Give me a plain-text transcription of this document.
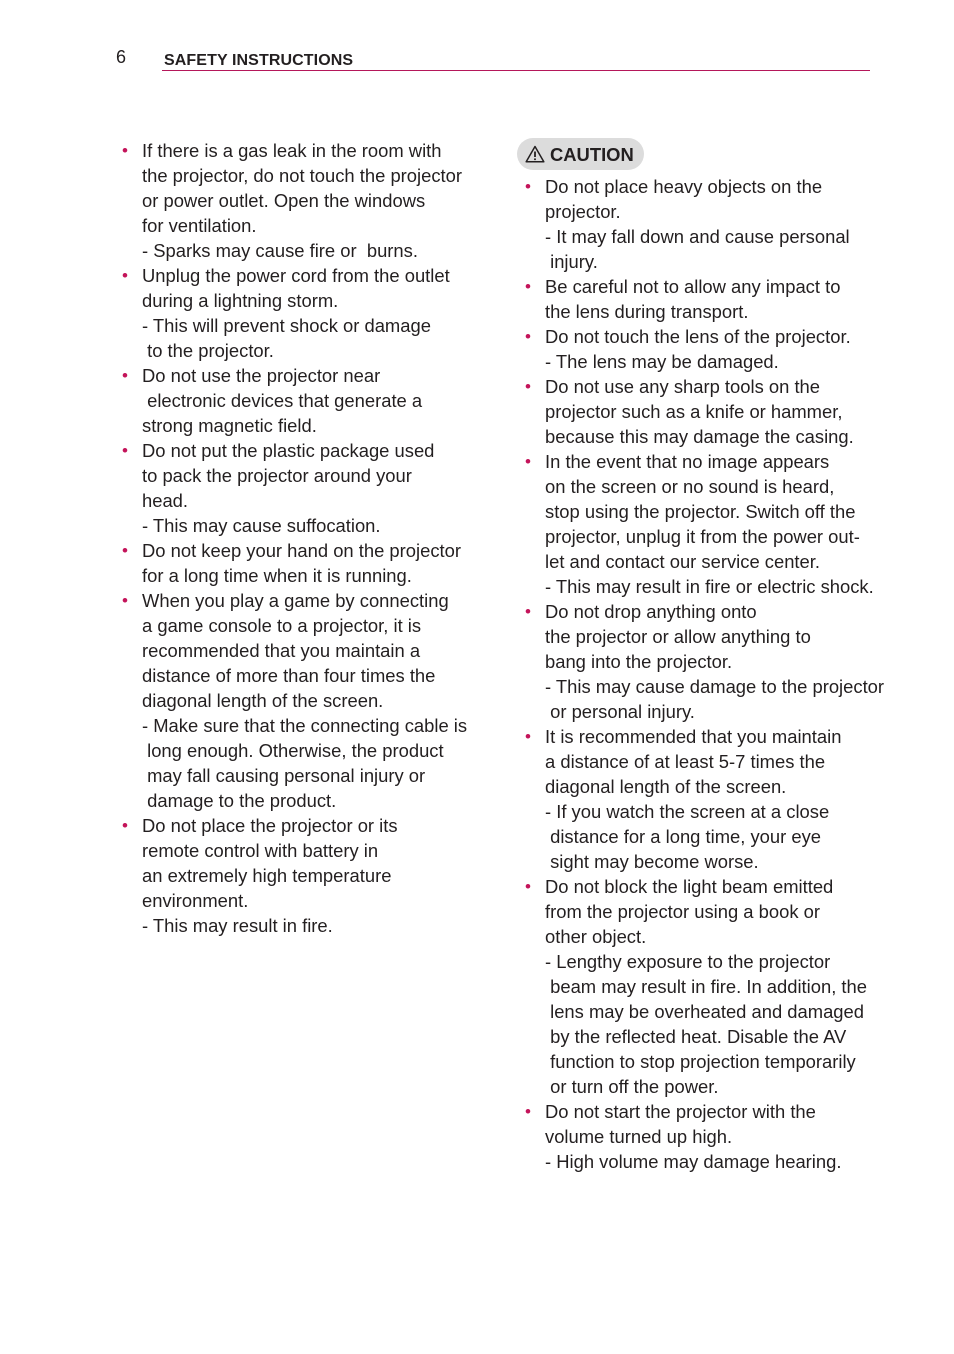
6 SAFETY INSTRUCTIONS
• If there is a gas leak in the room with
the projector, do not touch the projector
or power outlet. Open the windows
for ventilation.
- Sparks may cause fire or  burns.
• Unplug the power cord from the outlet
during a lightning storm.
- This will prevent shock or damage
to the projector.
• Do not use the projector near
electronic devices that generate a
strong magnetic field.
• Do not put the plastic package used
to pack the projector around your
head.
- This may cause suffocation.
• Do not keep your hand on the projector
for a long time when it is running.
• When you play a game by connecting
a game console to a projector, it is
recommended that you maintain a
distance of more than four times the
diagonal length of the screen.
- Make sure that the connecting cable is
long enough. Otherwise, the product
may fall causing personal injury or
damage to the product.
• Do not place the projector or its
remote control with battery in
an extremely high temperature
environment.
- This may result in fire.
CAUTION
• Do not place heavy objects on the
projector.
- It may fall down and cause personal
injury.
• Be careful not to allow any impact to
the lens during transport.
• Do not touch the lens of the projector.
- The lens may be damaged.
• Do not use any sharp tools on the
projector such as a knife or hammer,
because this may damage the casing.
• In the event that no image appears
on the screen or no sound is heard,
stop using the projector. Switch off the
projector, unplug it from the power out-
let and contact our service center.
- This may result in fire or electric shock.
• Do not drop anything onto
the projector or allow anything to
bang into the projector.
- This may cause damage to the projector
or personal injury.
• It is recommended that you maintain
a distance of at least 5-7 times the
diagonal length of the screen.
- If you watch the screen at a close
distance for a long time, your eye
sight may become worse.
• Do not block the light beam emitted
from the projector using a book or
other object.
- Lengthy exposure to the projector
beam may result in fire. In addition, the
lens may be overheated and damaged
by the reflected heat. Disable the AV
function to stop projection temporarily
or turn off the power.
• Do not start the projector with the
volume turned up high.
- High volume may damage hearing.
